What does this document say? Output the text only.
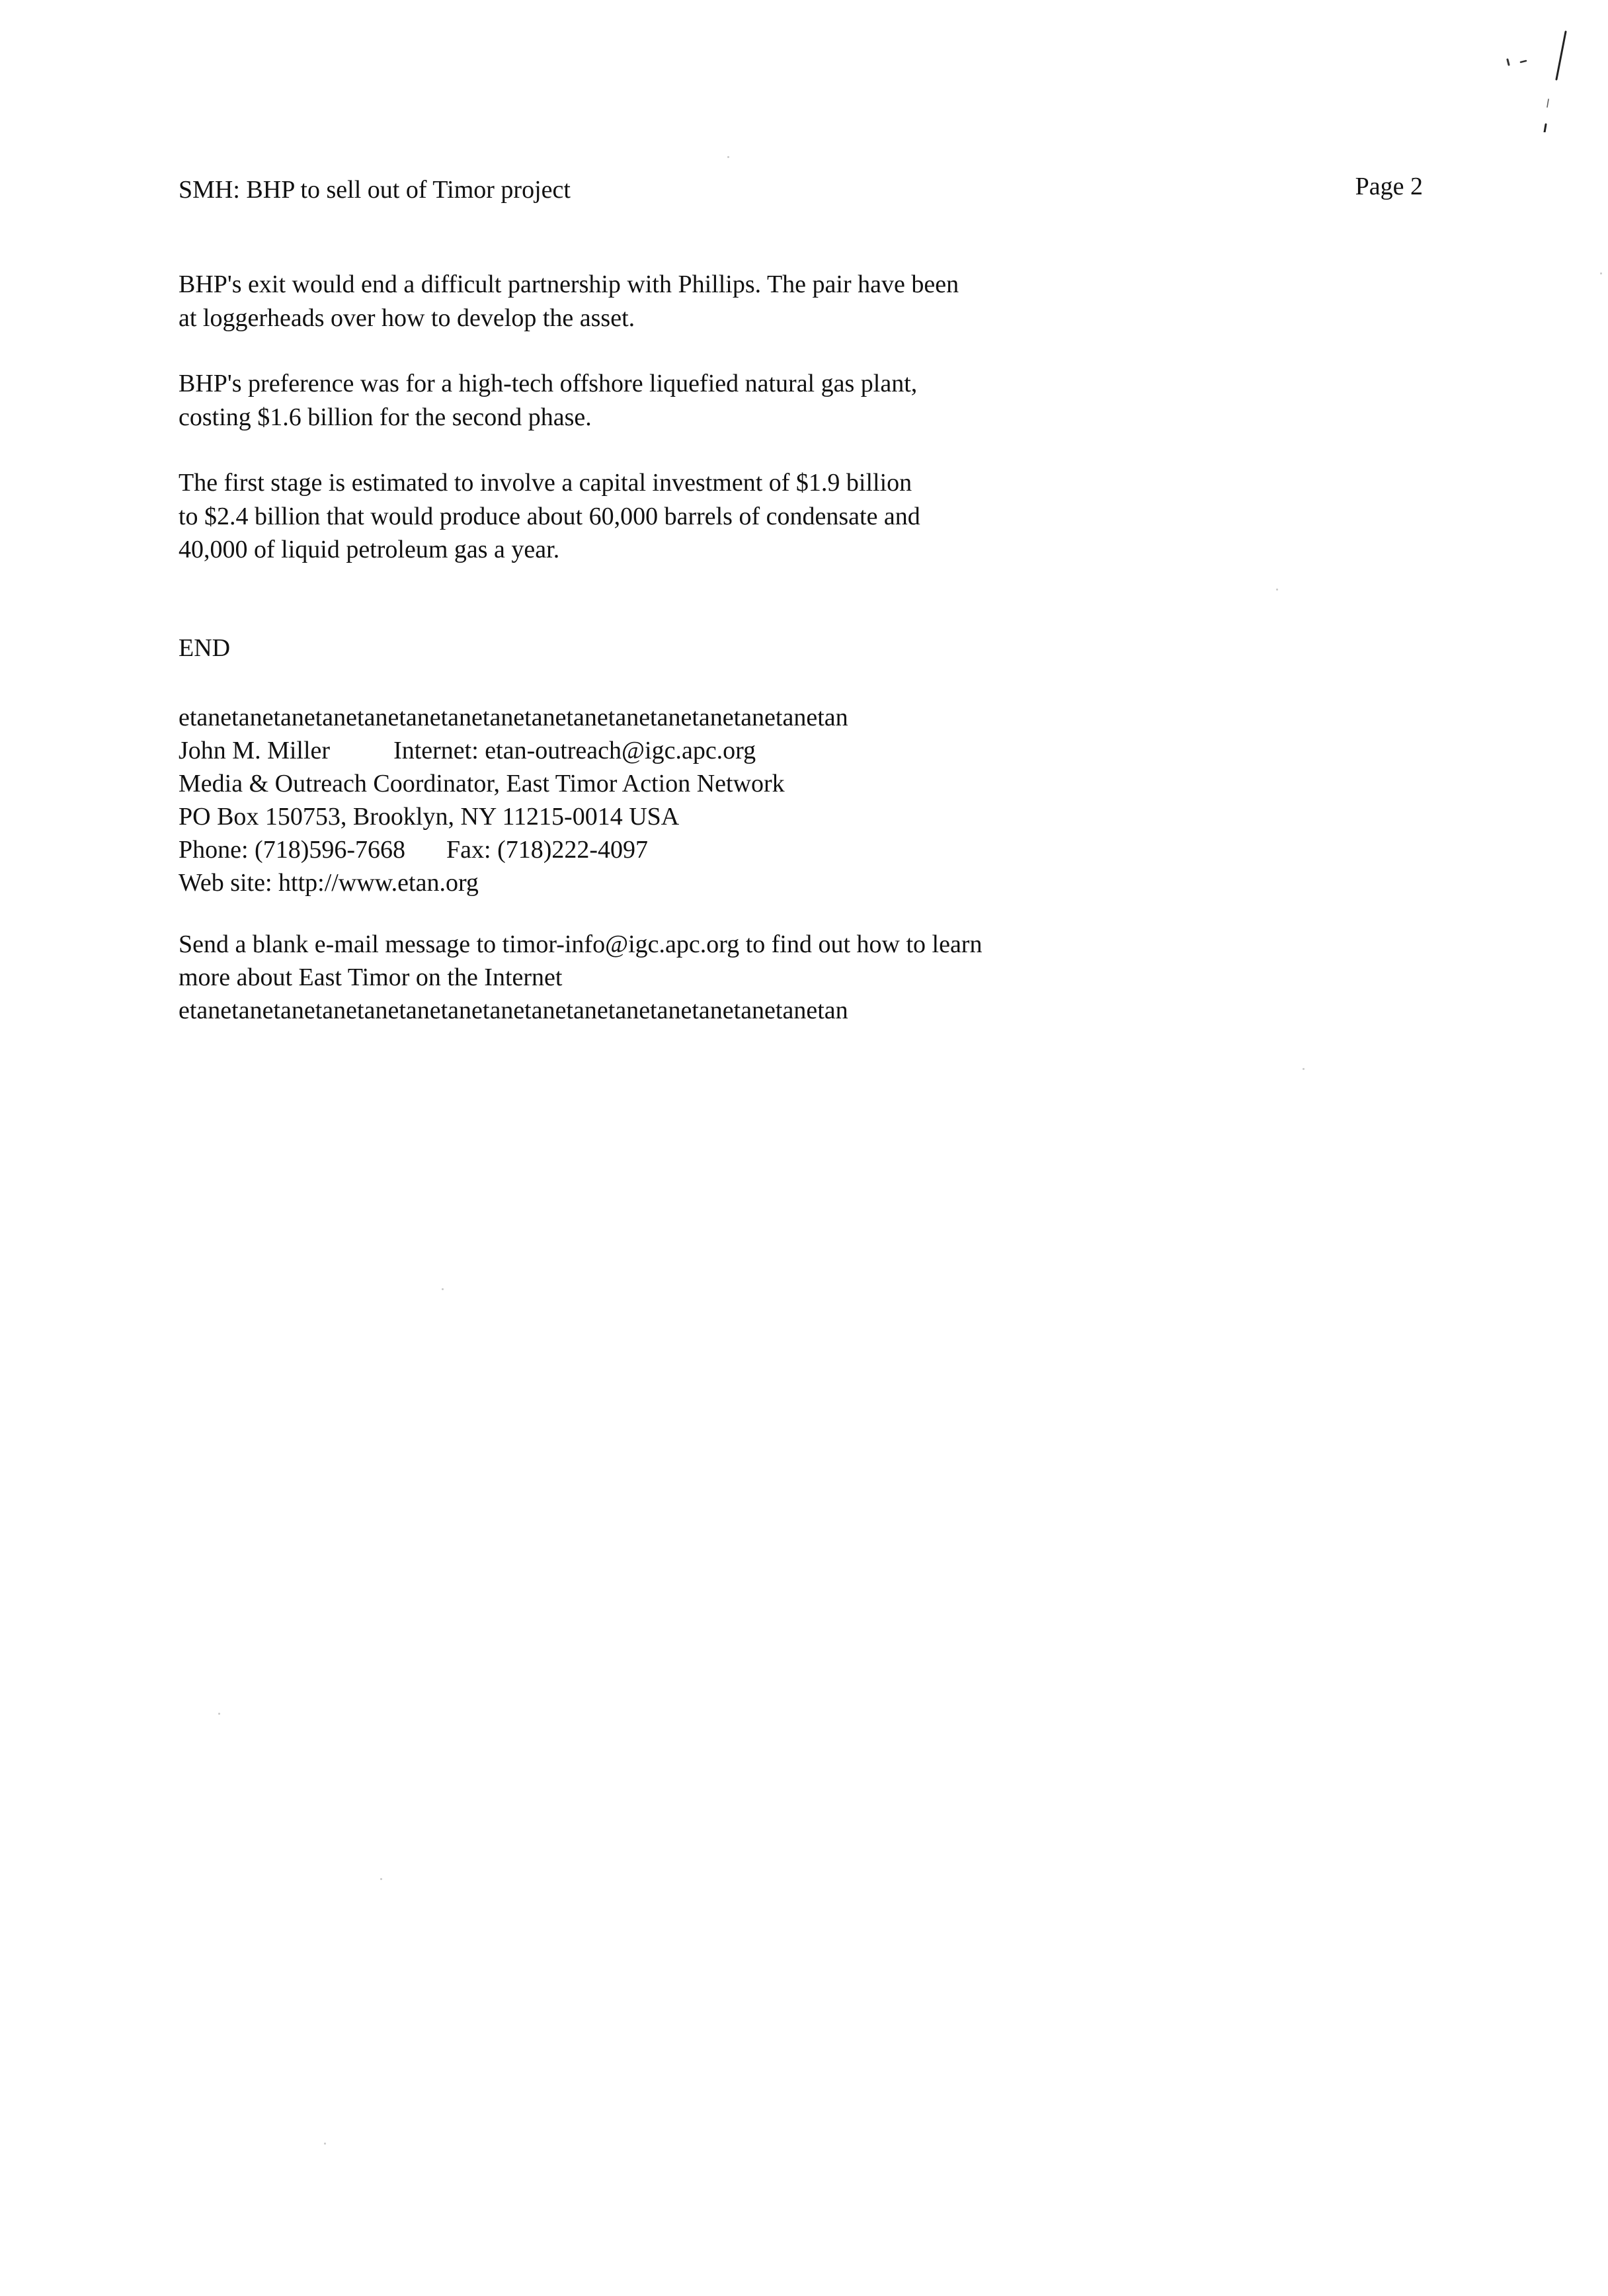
SMH: BHP to sell out of Timor project	Page 2
BHP's exit would end a difficult partnership with Phillips. The pair have been
at loggerheads over how to develop the asset.
BHP's preference was for a high-tech offshore liquefied natural gas plant,
costing $1.6 billion for the second phase.
The first stage is estimated to involve a capital investment of $1.9 billion
to $2.4 billion that would produce about 60,000 barrels of condensate and
40,000 of liquid petroleum gas a year.
END
etanetanetanetanetanetanetanetanetanetanetanetanetanetanetanetan
John M. Miller	Internet: etan-outreach@igc.apc.org
Media & Outreach Coordinator, East Timor Action Network
PO Box 150753, Brooklyn, NY 11215-0014 USA
Phone: (718)596-7668 Fax: (718)222-4097
Web site: http://www.etan.org
Send a blank e-mail message to timor-info@igc.apc.org to find out how to learn
more about East Timor on the Internet
etanetanetanetanetanetanetanetanetanetanetanetanetanetanetanetan
